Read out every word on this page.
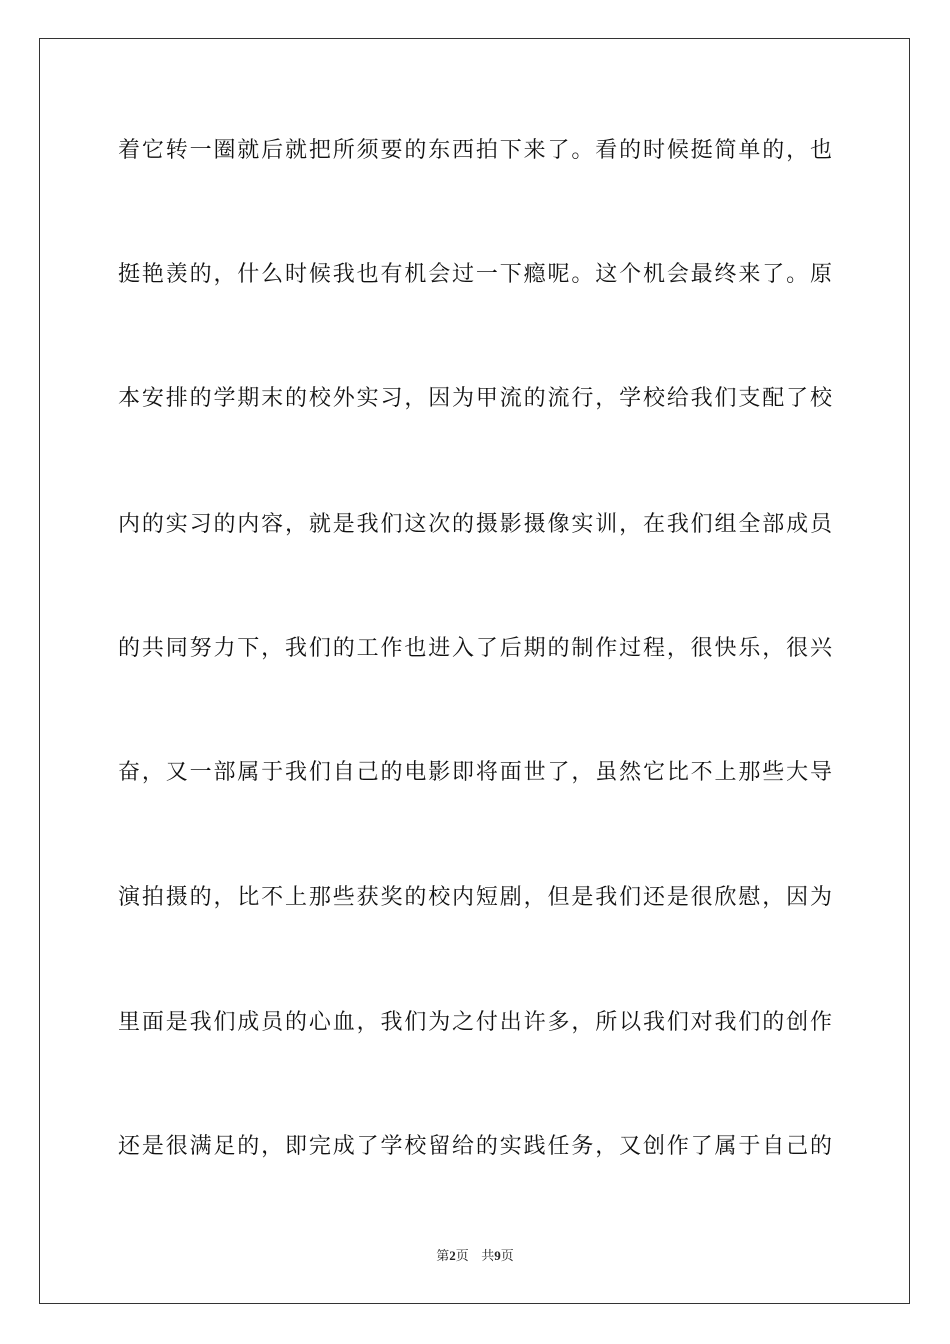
着它转一圈就后就把所须要的东西拍下来了。看的时候挺简单的，也
挺艳羡的，什么时候我也有机会过一下瘾呢。这个机会最终来了。原
本安排的学期末的校外实习，因为甲流的流行，学校给我们支配了校
内的实习的内容，就是我们这次的摄影摄像实训，在我们组全部成员
的共同努力下，我们的工作也进入了后期的制作过程，很快乐，很兴
奋，又一部属于我们自己的电影即将面世了，虽然它比不上那些大导
演拍摄的，比不上那些获奖的校内短剧，但是我们还是很欣慰，因为
里面是我们成员的心血，我们为之付出许多，所以我们对我们的创作
还是很满足的，即完成了学校留给的实践任务，又创作了属于自己的
第2页 共9页
